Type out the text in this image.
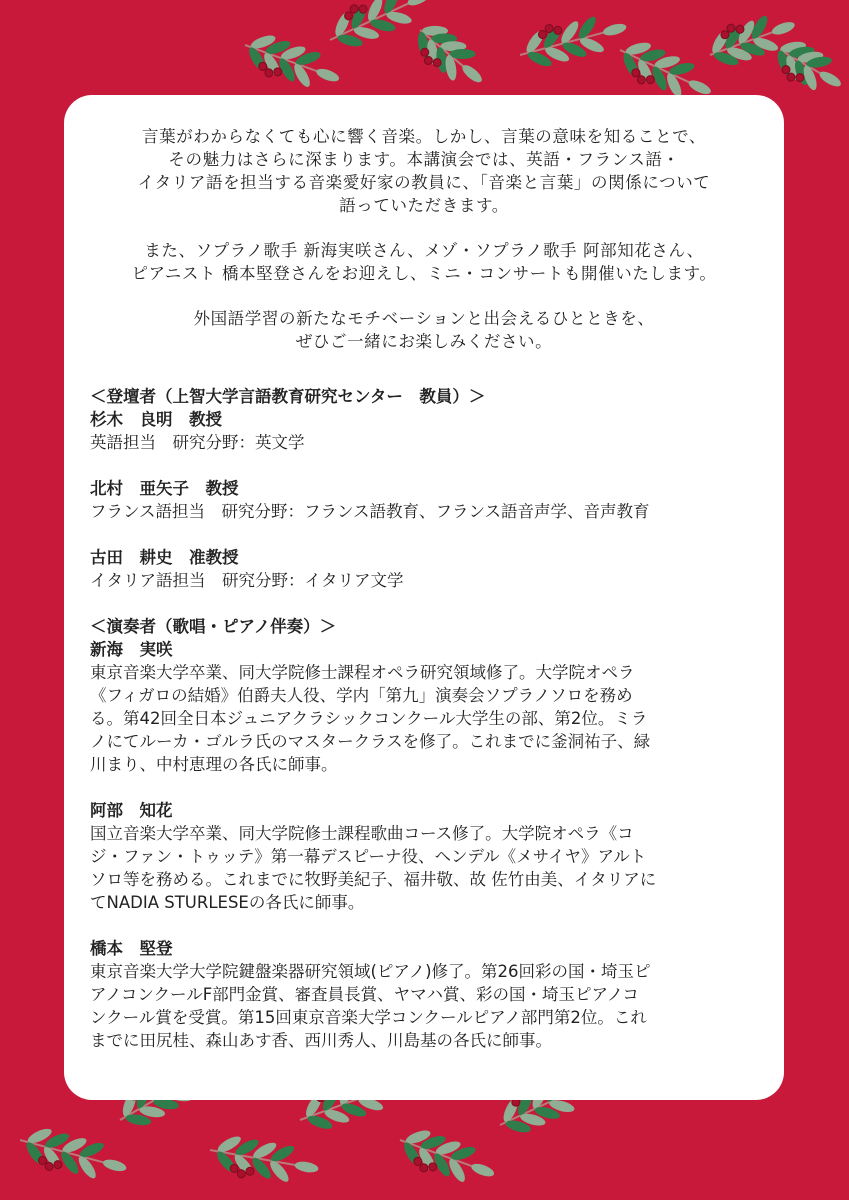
言葉がわからなくても心に響く音楽。しかし、言葉の意味を知ることで、
その魅力はさらに深まります。本講演会では、英語・フランス語・
イタリア語を担当する音楽愛好家の教員に、「音楽と言葉」の関係について
語っていただきます。

また、ソプラノ歌手 新海実咲さん、メゾ・ソプラノ歌手 阿部知花さん、
ピアニスト 橋本堅登さんをお迎えし、ミニ・コンサートも開催いたします。

外国語学習の新たなモチベーションと出会えるひとときを、
ぜひご一緒にお楽しみください。

＜登壇者（上智大学言語教育研究センター　教員）＞
杉木　良明　教授
英語担当　研究分野：英文学
北村　亜矢子　教授
フランス語担当　研究分野：フランス語教育、フランス語音声学、音声教育
古田　耕史　准教授
イタリア語担当　研究分野：イタリア文学
＜演奏者（歌唱・ピアノ伴奏）＞
新海　実咲
東京音楽大学卒業、同大学院修士課程オペラ研究領域修了。大学院オペラ
《フィガロの結婚》伯爵夫人役、学内「第九」演奏会ソプラノソロを務め
る。第42回全日本ジュニアクラシックコンクール大学生の部、第2位。ミラ
ノにてルーカ・ゴルラ氏のマスタークラスを修了。これまでに釜洞祐子、緑
川まり、中村恵理の各氏に師事。
阿部　知花
国立音楽大学卒業、同大学院修士課程歌曲コース修了。大学院オペラ《コ
ジ・ファン・トゥッテ》第一幕デスピーナ役、ヘンデル《メサイヤ》アルト
ソロ等を務める。これまでに牧野美紀子、福井敬、故 佐竹由美、イタリアに
てNADIA STURLESEの各氏に師事。
橋本　堅登
東京音楽大学大学院鍵盤楽器研究領域(ピアノ)修了。第26回彩の国・埼玉ピ
アノコンクールF部門金賞、審査員長賞、ヤマハ賞、彩の国・埼玉ピアノコ
ンクール賞を受賞。第15回東京音楽大学コンクールピアノ部門第2位。これ
までに田尻桂、森山あす香、西川秀人、川島基の各氏に師事。
